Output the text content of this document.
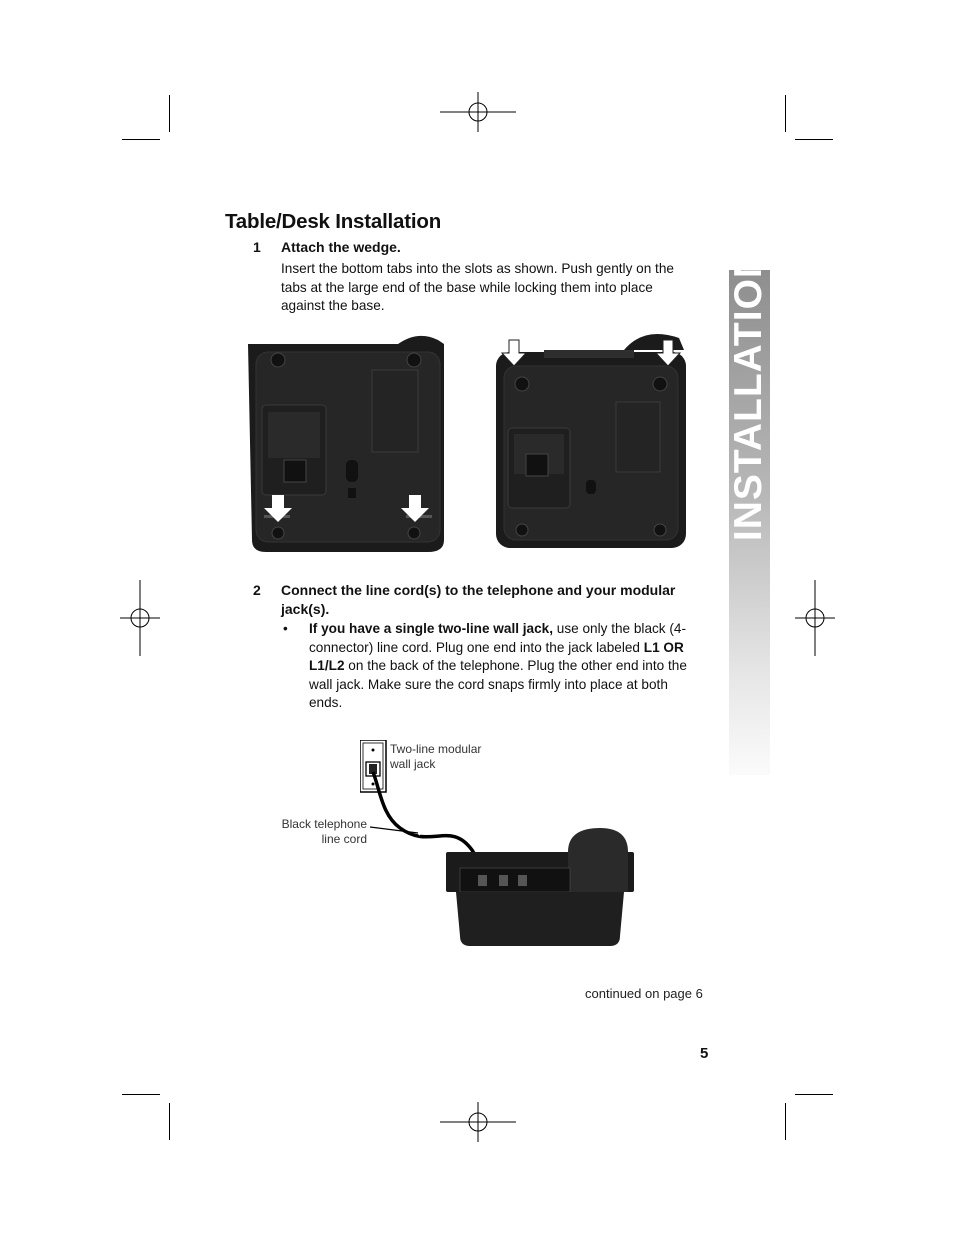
INSTALLATION
Table/Desk Installation
1 Attach the wedge.
Insert the bottom tabs into the slots as shown. Push gently on the tabs at the large end of the base while locking them into place against the base.
2 Connect the line cord(s) to the telephone and your modular jack(s).
• If you have a single two-line wall jack, use only the black (4-connector) line cord. Plug one end into the jack labeled L1 OR L1/L2 on the back of the telephone. Plug the other end into the wall jack. Make sure the cord snaps firmly into place at both ends.
Two-line modular wall jack
Black telephone line cord
continued on page 6
5
